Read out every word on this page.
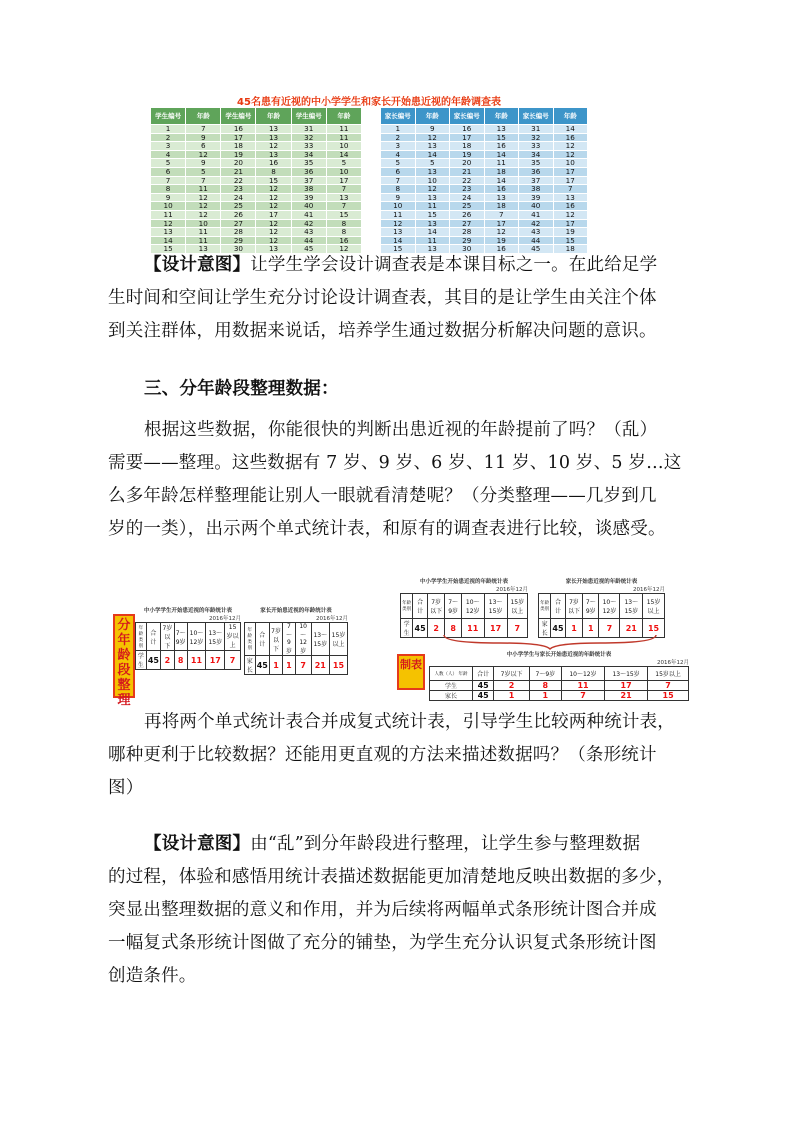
45名患有近视的中小学学生和家长开始患近视的年龄调查表
学生编号	年龄	学生编号	年龄	学生编号	年龄
1	7	16	13	31	11
2	9	17	13	32	11
3	6	18	12	33	10
4	12	19	13	34	14
5	9	20	16	35	5
6	5	21	8	36	10
7	7	22	15	37	17
8	11	23	12	38	7
9	12	24	12	39	13
10	12	25	12	40	7
11	12	26	17	41	15
12	10	27	12	42	8
13	11	28	12	43	8
14	11	29	12	44	16
15	13	30	13	45	12
家长编号	年龄	家长编号	年龄	家长编号	年龄
1	9	16	13	31	14
2	12	17	15	32	16
3	13	18	16	33	12
4	14	19	14	34	12
5	5	20	11	35	10
6	13	21	18	36	17
7	10	22	14	37	17
8	12	23	16	38	7
9	13	24	13	39	13
10	11	25	18	40	16
11	15	26	7	41	12
12	13	27	17	42	17
13	14	28	12	43	19
14	11	29	19	44	15
15	13	30	16	45	18
【设计意图】让学生学会设计调查表是本课目标之一。在此给足学
生时间和空间让学生充分讨论设计调查表，其目的是让学生由关注个体
到关注群体，用数据来说话，培养学生通过数据分析解决问题的意识。
三、分年龄段整理数据：
根据这些数据，你能很快的判断出患近视的年龄提前了吗？（乱）
需要——整理。这些数据有 7 岁、9 岁、6 岁、11 岁、10 岁、5 岁…这
么多年龄怎样整理能让别人一眼就看清楚呢？（分类整理——几岁到几
岁的一类），出示两个单式统计表，和原有的调查表进行比较，谈感受。
分年龄段整理
中小学学生开始患近视的年龄统计表
2016年12月
年龄
类别	合计	7岁以下	7～9岁	10～12岁	13～15岁	15岁以上
学生	45	2	8	11	17	7
家长开始患近视的年龄统计表
2016年12月
年龄
类别	合计	7岁以下	7～9岁	10～12岁	13～15岁	15岁以上
家长	45	1	1	7	21	15
中小学学生开始患近视的年龄统计表
2016年12月
年龄
类别	合计	7岁以下	7～9岁	10～12岁	13～15岁	15岁以上
学生	45	2	8	11	17	7
家长开始患近视的年龄统计表
2016年12月
年龄
类别	合计	7岁以下	7～9岁	10～12岁	13～15岁	15岁以上
家长	45	1	1	7	21	15
制表
中小学学生与家长开始患近视的年龄统计表
2016年12月
人数（人） 年龄	合计	7岁以下	7～9岁	10～12岁	13～15岁	15岁以上
学生	45	2	8	11	17	7
家长	45	1	1	7	21	15
再将两个单式统计表合并成复式统计表，引导学生比较两种统计表，
哪种更利于比较数据？还能用更直观的方法来描述数据吗？（条形统计
图）
【设计意图】由“乱”到分年龄段进行整理，让学生参与整理数据
的过程，体验和感悟用统计表描述数据能更加清楚地反映出数据的多少，
突显出整理数据的意义和作用，并为后续将两幅单式条形统计图合并成
一幅复式条形统计图做了充分的铺垫，为学生充分认识复式条形统计图
创造条件。
